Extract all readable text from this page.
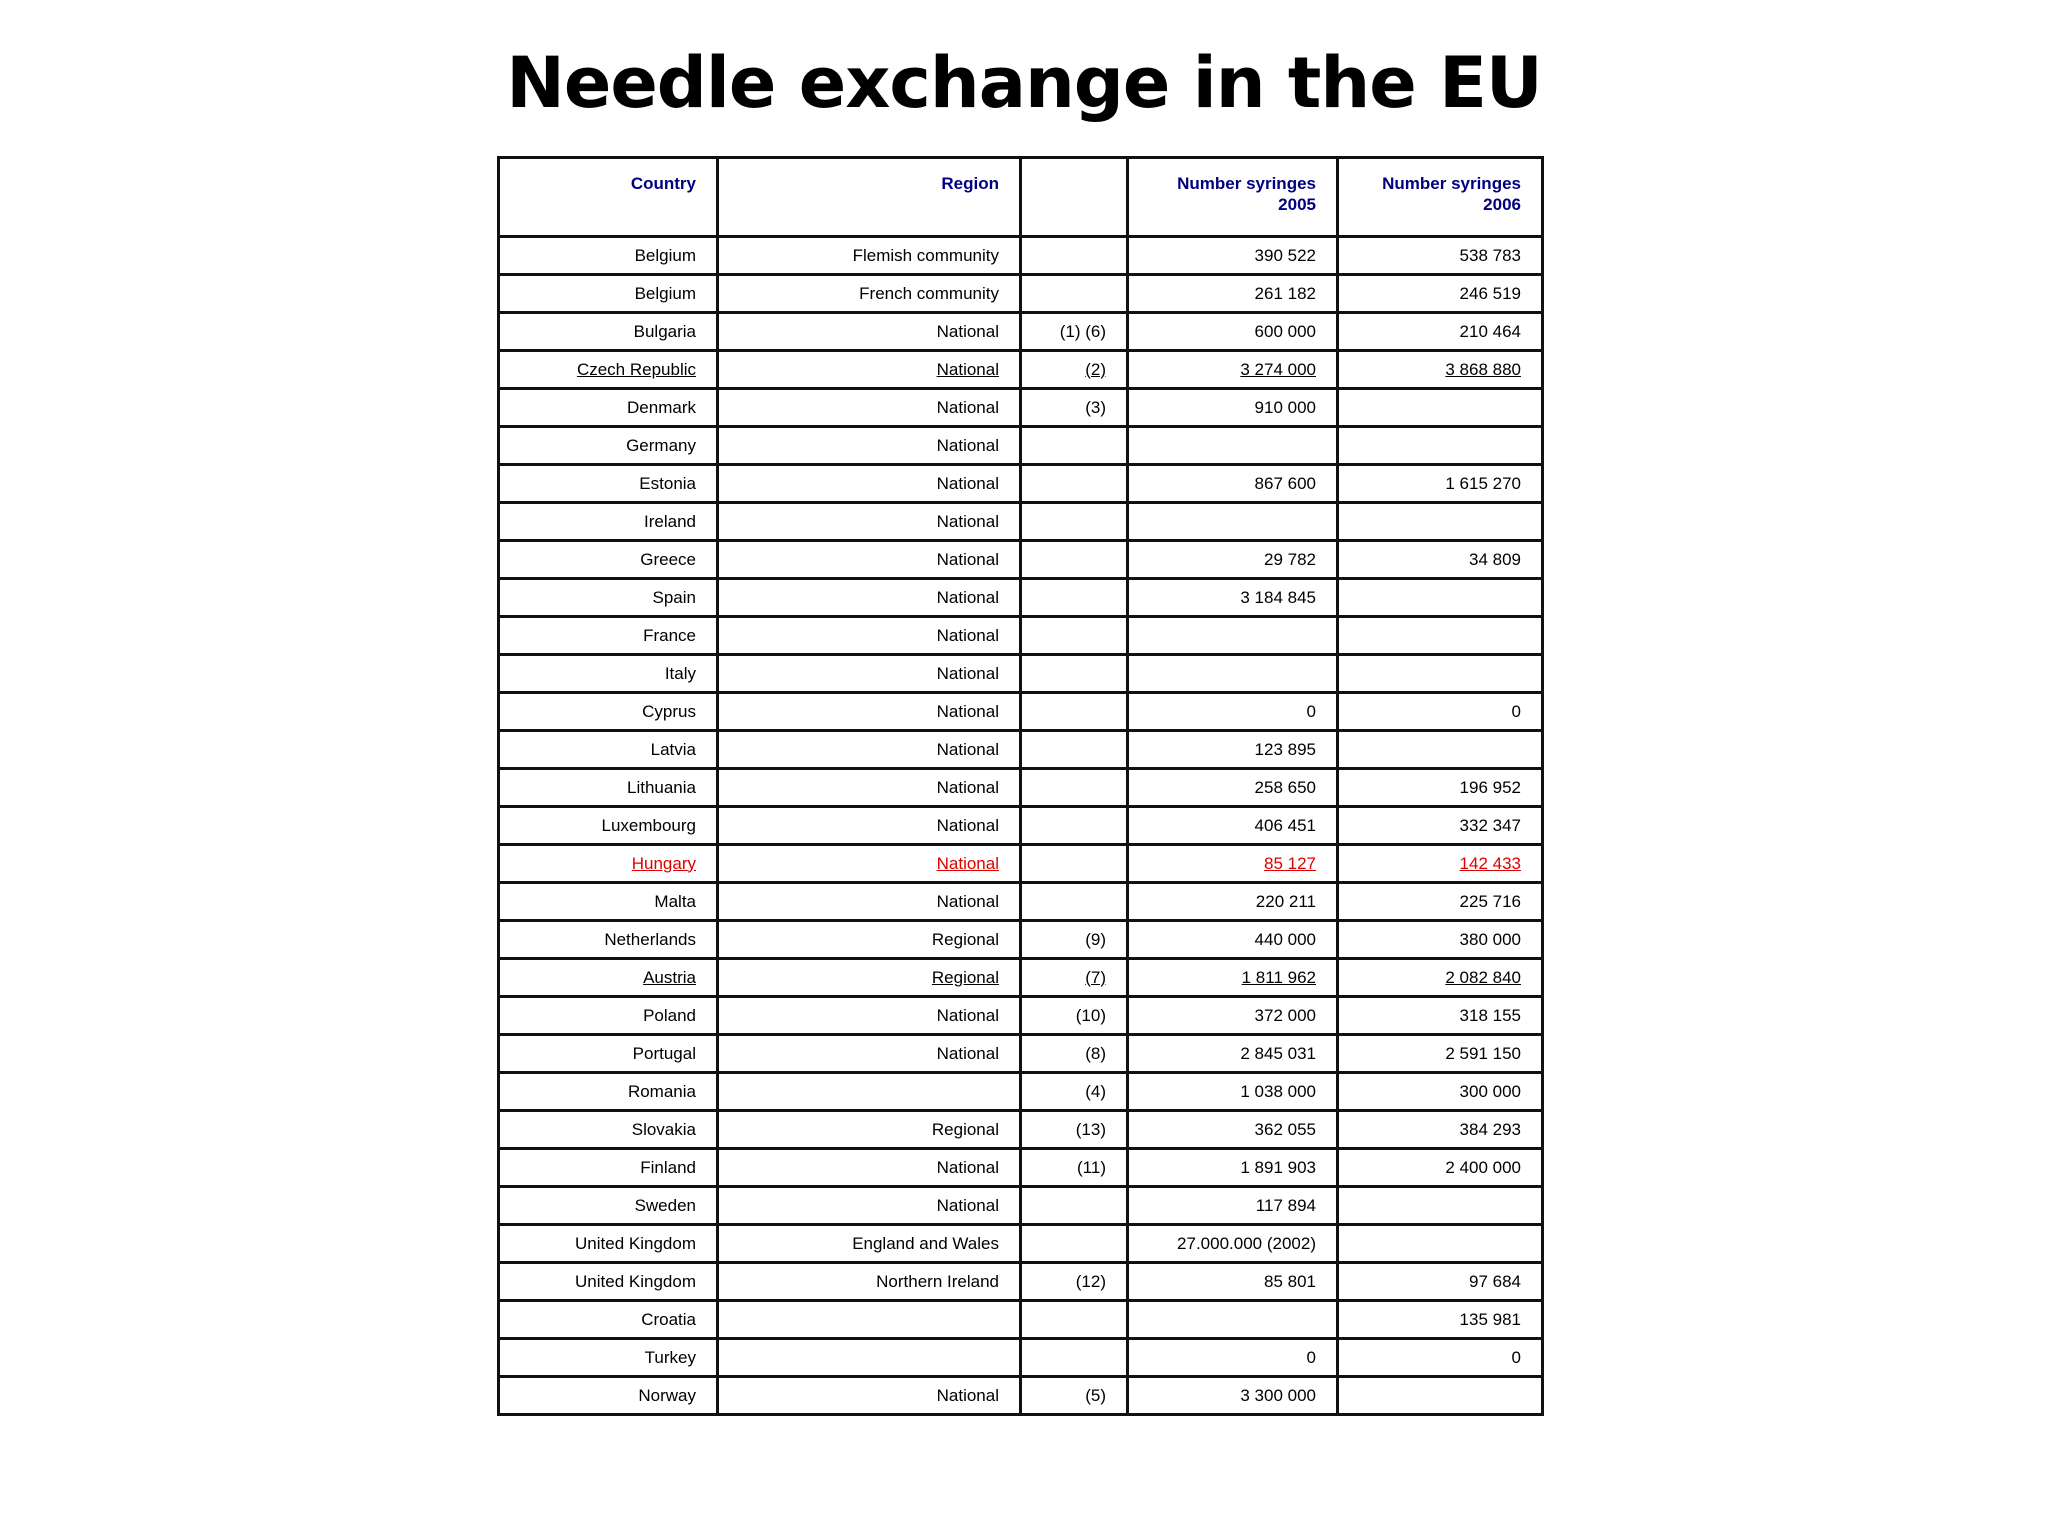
Needle exchange in the EU
Country	Region		Number syringes 2005	Number syringes 2006
Belgium	Flemish community		390 522	538 783
Belgium	French community		261 182	246 519
Bulgaria	National	(1) (6)	600 000	210 464
Czech Republic	National	(2)	3 274 000	3 868 880
Denmark	National	(3)	910 000	
Germany	National			
Estonia	National		867 600	1 615 270
Ireland	National			
Greece	National		29 782	34 809
Spain	National		3 184 845	
France	National			
Italy	National			
Cyprus	National		0	0
Latvia	National		123 895	
Lithuania	National		258 650	196 952
Luxembourg	National		406 451	332 347
Hungary	National		85 127	142 433
Malta	National		220 211	225 716
Netherlands	Regional	(9)	440 000	380 000
Austria	Regional	(7)	1 811 962	2 082 840
Poland	National	(10)	372 000	318 155
Portugal	National	(8)	2 845 031	2 591 150
Romania		(4)	1 038 000	300 000
Slovakia	Regional	(13)	362 055	384 293
Finland	National	(11)	1 891 903	2 400 000
Sweden	National		117 894	
United Kingdom	England and Wales		27.000.000 (2002)	
United Kingdom	Northern Ireland	(12)	85 801	97 684
Croatia				135 981
Turkey			0	0
Norway	National	(5)	3 300 000	
